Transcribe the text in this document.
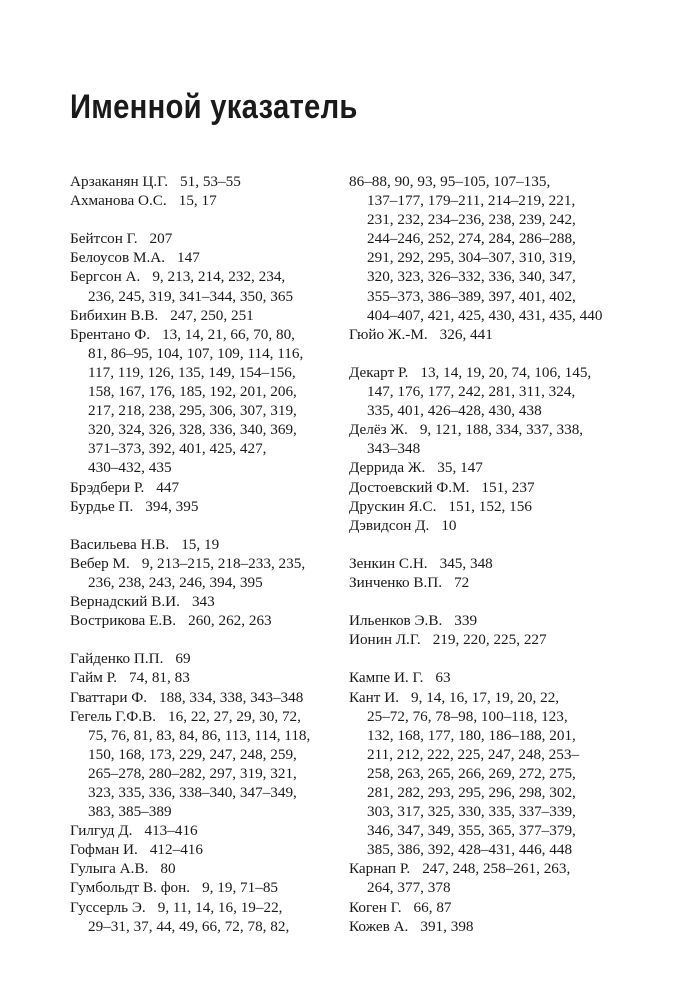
Именной указатель
Арзаканян Ц.Г. 51, 53–55
Ахманова О.С. 15, 17
Бейтсон Г. 207
Белоусов М.А. 147
Бергсон А. 9, 213, 214, 232, 234,
236, 245, 319, 341–344, 350, 365
Бибихин В.В. 247, 250, 251
Брентано Ф. 13, 14, 21, 66, 70, 80,
81, 86–95, 104, 107, 109, 114, 116,
117, 119, 126, 135, 149, 154–156,
158, 167, 176, 185, 192, 201, 206,
217, 218, 238, 295, 306, 307, 319,
320, 324, 326, 328, 336, 340, 369,
371–373, 392, 401, 425, 427,
430–432, 435
Брэдбери Р. 447
Бурдье П. 394, 395
Васильева Н.В. 15, 19
Вебер М. 9, 213–215, 218–233, 235,
236, 238, 243, 246, 394, 395
Вернадский В.И. 343
Вострикова Е.В. 260, 262, 263
Гайденко П.П. 69
Гайм Р. 74, 81, 83
Гваттари Ф. 188, 334, 338, 343–348
Гегель Г.Ф.В. 16, 22, 27, 29, 30, 72,
75, 76, 81, 83, 84, 86, 113, 114, 118,
150, 168, 173, 229, 247, 248, 259,
265–278, 280–282, 297, 319, 321,
323, 335, 336, 338–340, 347–349,
383, 385–389
Гилгуд Д. 413–416
Гофман И. 412–416
Гулыга А.В. 80
Гумбольдт В. фон. 9, 19, 71–85
Гуссерль Э. 9, 11, 14, 16, 19–22,
29–31, 37, 44, 49, 66, 72, 78, 82,
86–88, 90, 93, 95–105, 107–135,
137–177, 179–211, 214–219, 221,
231, 232, 234–236, 238, 239, 242,
244–246, 252, 274, 284, 286–288,
291, 292, 295, 304–307, 310, 319,
320, 323, 326–332, 336, 340, 347,
355–373, 386–389, 397, 401, 402,
404–407, 421, 425, 430, 431, 435, 440
Гюйо Ж.-М. 326, 441
Декарт Р. 13, 14, 19, 20, 74, 106, 145,
147, 176, 177, 242, 281, 311, 324,
335, 401, 426–428, 430, 438
Делёз Ж. 9, 121, 188, 334, 337, 338,
343–348
Деррида Ж. 35, 147
Достоевский Ф.М. 151, 237
Друскин Я.С. 151, 152, 156
Дэвидсон Д. 10
Зенкин С.Н. 345, 348
Зинченко В.П. 72
Ильенков Э.В. 339
Ионин Л.Г. 219, 220, 225, 227
Кампе И. Г. 63
Кант И. 9, 14, 16, 17, 19, 20, 22,
25–72, 76, 78–98, 100–118, 123,
132, 168, 177, 180, 186–188, 201,
211, 212, 222, 225, 247, 248, 253–
258, 263, 265, 266, 269, 272, 275,
281, 282, 293, 295, 296, 298, 302,
303, 317, 325, 330, 335, 337–339,
346, 347, 349, 355, 365, 377–379,
385, 386, 392, 428–431, 446, 448
Карнап Р. 247, 248, 258–261, 263,
264, 377, 378
Коген Г. 66, 87
Кожев А. 391, 398
